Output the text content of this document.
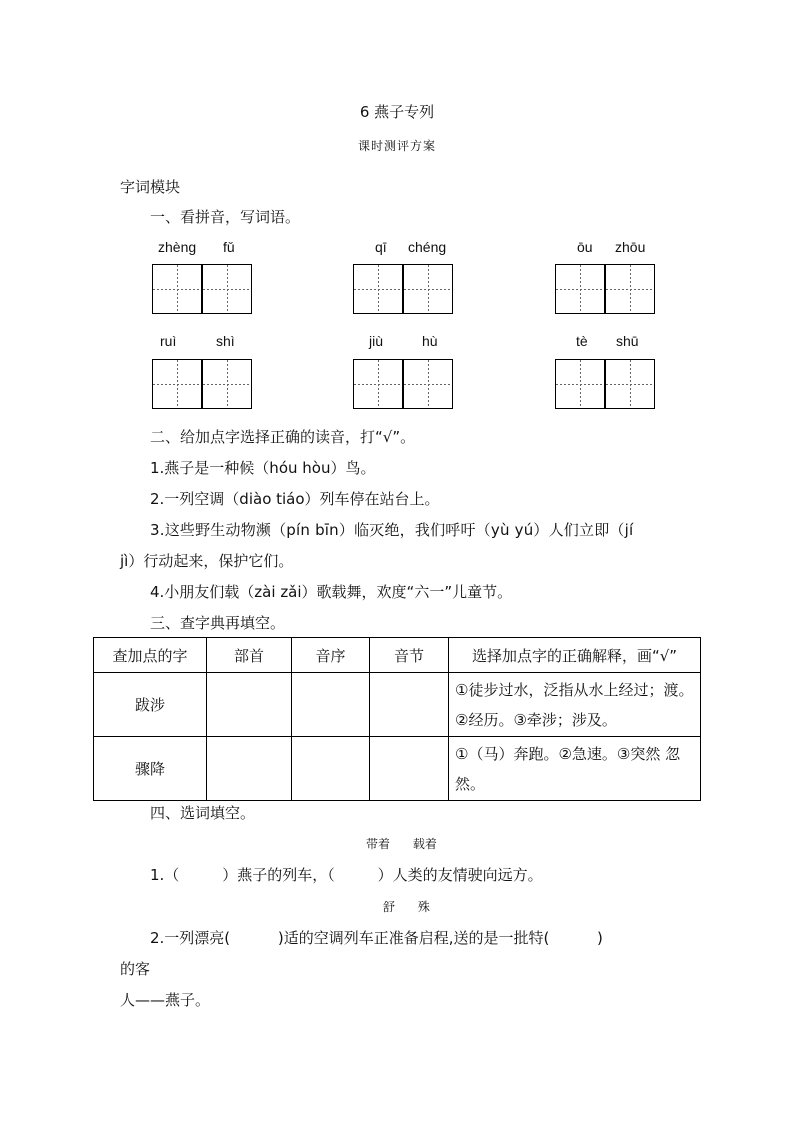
6 燕子专列
课时测评方案
字词模块
一、看拼音，写词语。
zhèng fǔ	qī chéng	ōu zhōu
ruì	shì	jiù	hù	tè shū
二、给加点字选择正确的读音，打“√”。
1.燕子是一种候（hóu hòu）鸟。
2.一列空调（diào tiáo）列车停在站台上。
3.这些野生动物濒（pín bīn）临灭绝，我们呼吁（yù yú）人们立即（jí
jì）行动起来，保护它们。
4.小朋友们载（zài zǎi）歌载舞，欢度“六一”儿童节。
三、查字典再填空。
查加点的字	部首	音序	音节	选择加点字的正确解释，画“√”
跋涉				①徒步过水，泛指从水上经过；渡。②经历。③牵涉；涉及。
骤降				①（马）奔跑。②急速。③突然 忽然。
四、选词填空。
带着      载着
1.（         ）燕子的列车，（         ）人类的友情驶向远方。
舒      殊
2.一列漂亮(          )适的空调列车正准备启程,送的是一批特(          )
的客
人——燕子。
